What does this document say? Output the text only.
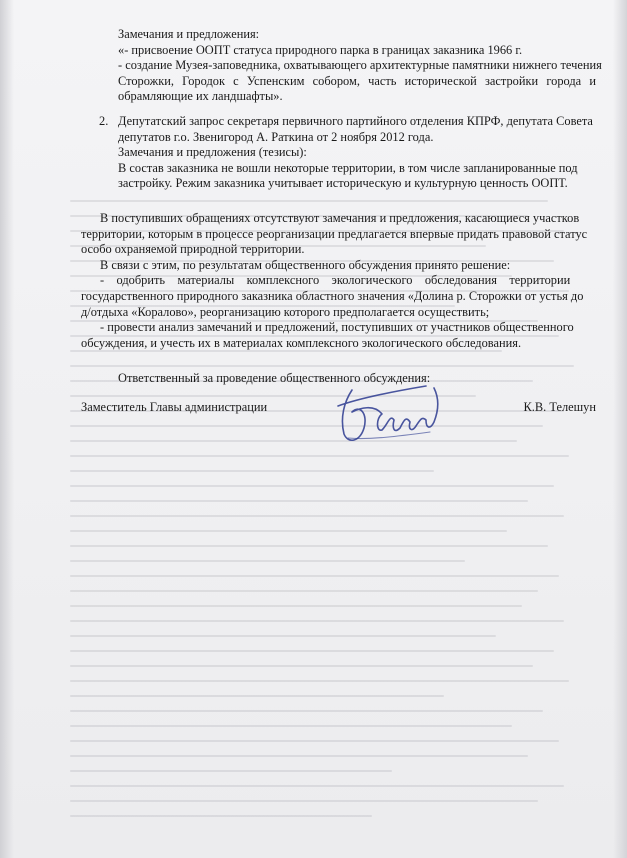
Замечания и предложения:
«- присвоение ООПТ статуса природного парка в границах заказника 1966 г.
- создание Музея-заповедника, охватывающего архитектурные памятники нижнего течения
Сторожки, Городок с Успенским собором, часть исторической застройки города и
обрамляющие их ландшафты».
2. Депутатский запрос секретаря первичного партийного отделения КПРФ, депутата Совета
депутатов г.о. Звенигород А. Раткина от 2 ноября 2012 года.
Замечания и предложения (тезисы):
В состав заказника не вошли некоторые территории, в том числе запланированные под
застройку. Режим заказника учитывает историческую и культурную ценность ООПТ.
В поступивших обращениях отсутствуют замечания и предложения, касающиеся участков
территории, которым в процессе реорганизации предлагается впервые придать правовой статус
особо охраняемой природной территории.
В связи с этим, по результатам общественного обсуждения принято решение:
-    одобрить    материалы    комплексного    экологического    обследования    территории
государственного природного заказника областного значения «Долина р. Сторожки от устья до
д/отдыха «Коралово», реорганизацию которого предполагается осуществить;
- провести анализ замечаний и предложений, поступивших от участников общественного
обсуждения, и учесть их в материалах комплексного экологического обследования.
Ответственный за проведение общественного обсуждения:
Заместитель Главы администрации	К.В. Телешун
